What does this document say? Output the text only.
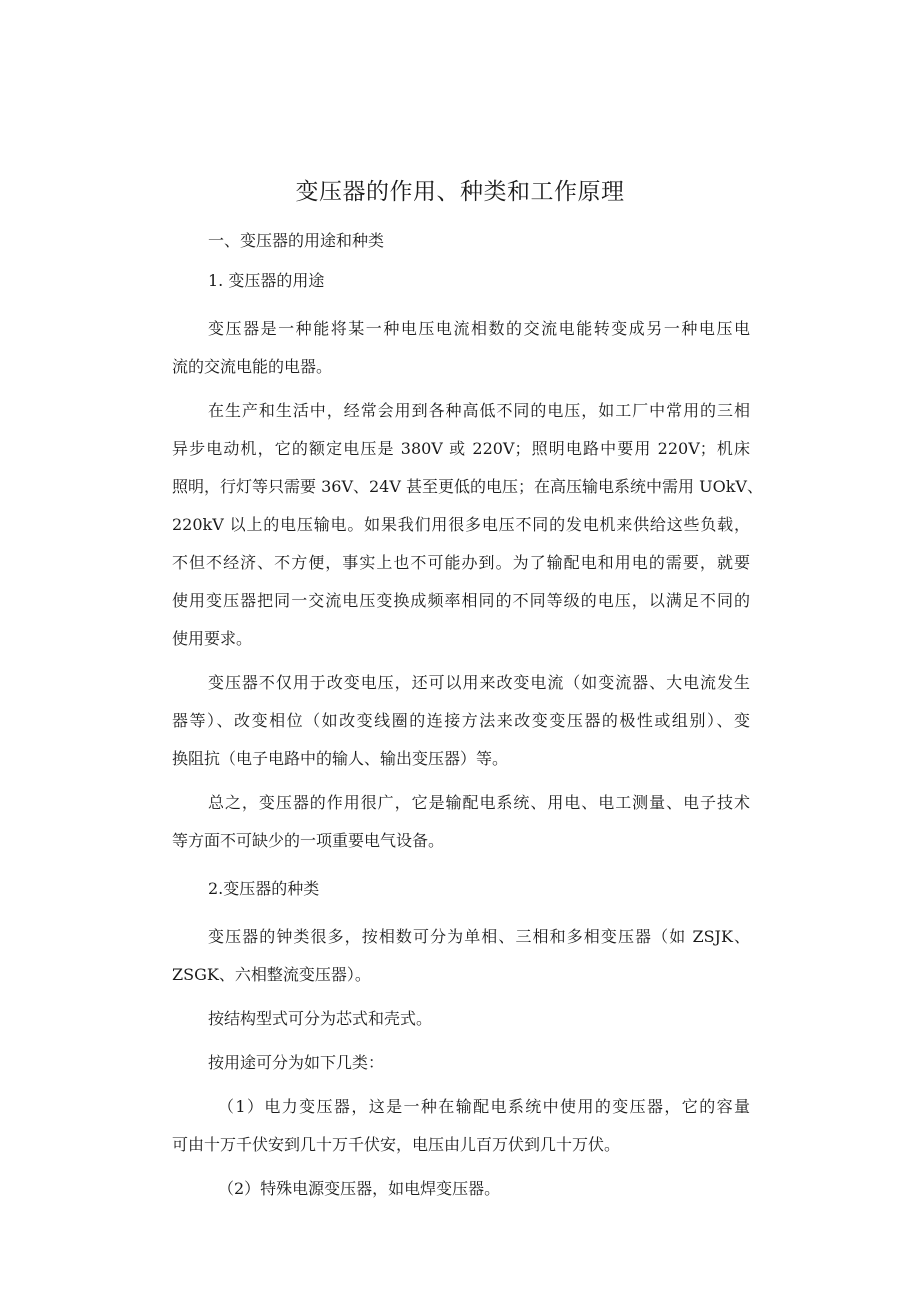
变压器的作用、种类和工作原理
一、变压器的用途和种类
1. 变压器的用途
变压器是一种能将某一种电压电流相数的交流电能转变成另一种电压电
流的交流电能的电器。
在生产和生活中，经常会用到各种高低不同的电压，如工厂中常用的三相
异步电动机，它的额定电压是 380V 或 220V；照明电路中要用 220V；机床
照明，行灯等只需要 36V、24V 甚至更低的电压；在高压输电系统中需用 UOkV、
220kV 以上的电压输电。如果我们用很多电压不同的发电机来供给这些负载，
不但不经济、不方便，事实上也不可能办到。为了输配电和用电的需要，就要
使用变压器把同一交流电压变换成频率相同的不同等级的电压，以满足不同的
使用要求。
变压器不仅用于改变电压，还可以用来改变电流（如变流器、大电流发生
器等）、改变相位（如改变线圈的连接方法来改变变压器的极性或组别）、变
换阻抗（电子电路中的输人、输出变压器）等。
总之，变压器的作用很广，它是输配电系统、用电、电工测量、电子技术
等方面不可缺少的一项重要电气设备。
2.变压器的种类
变压器的钟类很多，按相数可分为单相、三相和多相变压器（如 ZSJK、
ZSGK、六相整流变压器）。
按结构型式可分为芯式和壳式。
按用途可分为如下几类：
（1）电力变压器，这是一种在输配电系统中使用的变压器，它的容量
可由十万千伏安到几十万千伏安，电压由儿百万伏到几十万伏。
（2）特殊电源变压器，如电焊变压器。
